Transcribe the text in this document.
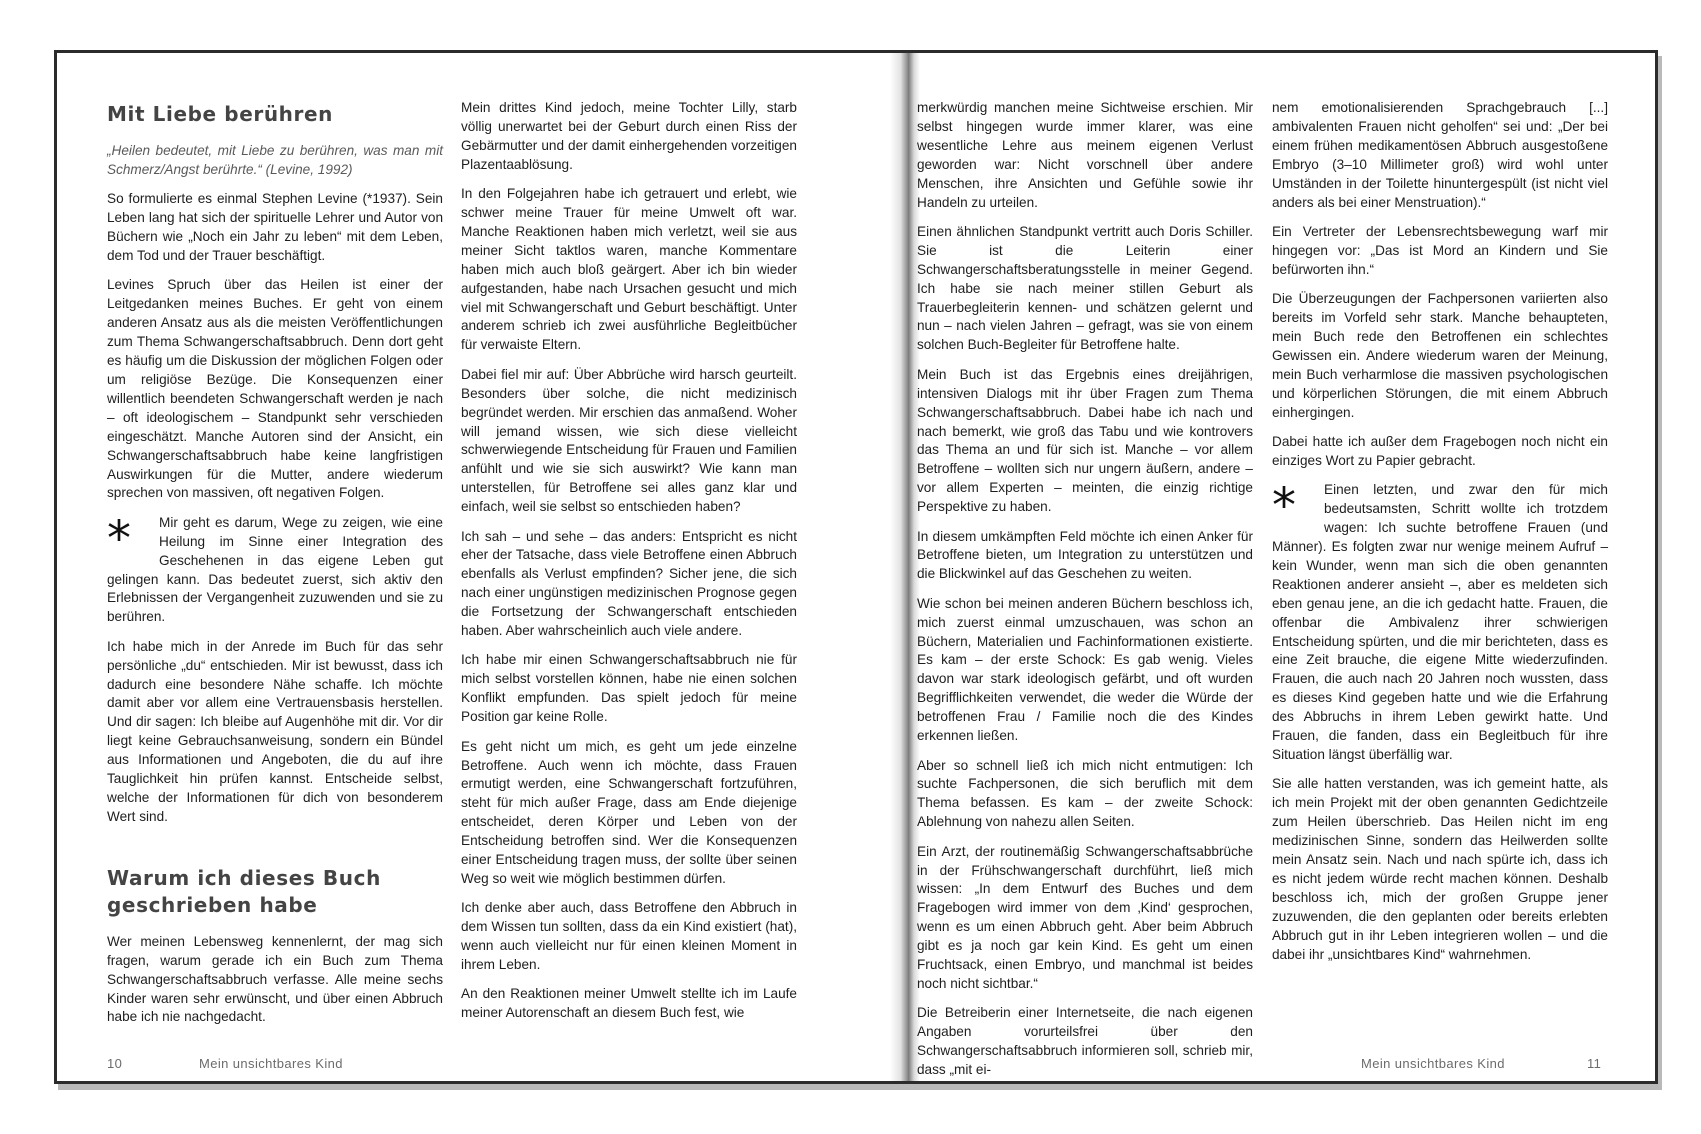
Mit Liebe berühren

„Heilen bedeutet, mit Liebe zu berühren, was man mit Schmerz/Angst berührte.“ (Levine, 1992)

So formulierte es einmal Stephen Levine (*1937). Sein Leben lang hat sich der spirituelle Lehrer und Autor von Büchern wie „Noch ein Jahr zu leben“ mit dem Leben, dem Tod und der Trauer beschäftigt.

Levines Spruch über das Heilen ist einer der Leitgedanken meines Buches. Er geht von einem anderen Ansatz aus als die meisten Veröffentlichungen zum Thema Schwangerschaftsabbruch. Denn dort geht es häufig um die Diskussion der möglichen Folgen oder um religiöse Bezüge. Die Konsequenzen einer willentlich beendeten Schwangerschaft werden je nach – oft ideologischem – Standpunkt sehr verschieden eingeschätzt. Manche Autoren sind der Ansicht, ein Schwangerschaftsabbruch habe keine langfristigen Auswirkungen für die Mutter, andere wiederum sprechen von massiven, oft negativen Folgen.

*	Mir geht es darum, Wege zu zeigen, wie eine Heilung im Sinne einer Integration des Geschehenen in das eigene Leben gut gelingen kann. Das bedeutet zuerst, sich aktiv den Erlebnissen der Vergangenheit zuzuwenden und sie zu berühren.

Ich habe mich in der Anrede im Buch für das sehr persönliche „du“ entschieden. Mir ist bewusst, dass ich dadurch eine besondere Nähe schaffe. Ich möchte damit aber vor allem eine Vertrauensbasis herstellen. Und dir sagen: Ich bleibe auf Augenhöhe mit dir. Vor dir liegt keine Gebrauchsanweisung, sondern ein Bündel aus Informationen und Angeboten, die du auf ihre Tauglichkeit hin prüfen kannst. Entscheide selbst, welche der Informationen für dich von besonderem Wert sind.

Warum ich dieses Buch geschrieben habe

Wer meinen Lebensweg kennenlernt, der mag sich fragen, warum gerade ich ein Buch zum Thema Schwangerschaftsabbruch verfasse. Alle meine sechs Kinder waren sehr erwünscht, und über einen Abbruch habe ich nie nachgedacht.

Mein drittes Kind jedoch, meine Tochter Lilly, starb völlig unerwartet bei der Geburt durch einen Riss der Gebärmutter und der damit einhergehenden vorzeitigen Plazentaablösung.

In den Folgejahren habe ich getrauert und erlebt, wie schwer meine Trauer für meine Umwelt oft war. Manche Reaktionen haben mich verletzt, weil sie aus meiner Sicht taktlos waren, manche Kommentare haben mich auch bloß geärgert. Aber ich bin wieder aufgestanden, habe nach Ursachen gesucht und mich viel mit Schwangerschaft und Geburt beschäftigt. Unter anderem schrieb ich zwei ausführliche Begleitbücher für verwaiste Eltern.

Dabei fiel mir auf: Über Abbrüche wird harsch geurteilt. Besonders über solche, die nicht medizinisch begründet werden. Mir erschien das anmaßend. Woher will jemand wissen, wie sich diese vielleicht schwerwiegende Entscheidung für Frauen und Familien anfühlt und wie sie sich auswirkt? Wie kann man unterstellen, für Betroffene sei alles ganz klar und einfach, weil sie selbst so entschieden haben?

Ich sah – und sehe – das anders: Entspricht es nicht eher der Tatsache, dass viele Betroffene einen Abbruch ebenfalls als Verlust empfinden? Sicher jene, die sich nach einer ungünstigen medizinischen Prognose gegen die Fortsetzung der Schwangerschaft entschieden haben. Aber wahrscheinlich auch viele andere.

Ich habe mir einen Schwangerschaftsabbruch nie für mich selbst vorstellen können, habe nie einen solchen Konflikt empfunden. Das spielt jedoch für meine Position gar keine Rolle.

Es geht nicht um mich, es geht um jede einzelne Betroffene. Auch wenn ich möchte, dass Frauen ermutigt werden, eine Schwangerschaft fortzuführen, steht für mich außer Frage, dass am Ende diejenige entscheidet, deren Körper und Leben von der Entscheidung betroffen sind. Wer die Konsequenzen einer Entscheidung tragen muss, der sollte über seinen Weg so weit wie möglich bestimmen dürfen.

Ich denke aber auch, dass Betroffene den Abbruch in dem Wissen tun sollten, dass da ein Kind existiert (hat), wenn auch vielleicht nur für einen kleinen Moment in ihrem Leben.

An den Reaktionen meiner Umwelt stellte ich im Laufe meiner Autorenschaft an diesem Buch fest, wie

merkwürdig manchen meine Sichtweise erschien. Mir selbst hingegen wurde immer klarer, was eine wesentliche Lehre aus meinem eigenen Verlust geworden war: Nicht vorschnell über andere Menschen, ihre Ansichten und Gefühle sowie ihr Handeln zu urteilen.

Einen ähnlichen Standpunkt vertritt auch Doris Schiller. Sie ist die Leiterin einer Schwangerschaftsberatungsstelle in meiner Gegend. Ich habe sie nach meiner stillen Geburt als Trauerbegleiterin kennen- und schätzen gelernt und nun – nach vielen Jahren – gefragt, was sie von einem solchen Buch-Begleiter für Betroffene halte.

Mein Buch ist das Ergebnis eines dreijährigen, intensiven Dialogs mit ihr über Fragen zum Thema Schwangerschaftsabbruch. Dabei habe ich nach und nach bemerkt, wie groß das Tabu und wie kontrovers das Thema an und für sich ist. Manche – vor allem Betroffene – wollten sich nur ungern äußern, andere – vor allem Experten – meinten, die einzig richtige Perspektive zu haben.

In diesem umkämpften Feld möchte ich einen Anker für Betroffene bieten, um Integration zu unterstützen und die Blickwinkel auf das Geschehen zu weiten.

Wie schon bei meinen anderen Büchern beschloss ich, mich zuerst einmal umzuschauen, was schon an Büchern, Materialien und Fachinformationen existierte. Es kam – der erste Schock: Es gab wenig. Vieles davon war stark ideologisch gefärbt, und oft wurden Begrifflichkeiten verwendet, die weder die Würde der betroffenen Frau / Familie noch die des Kindes erkennen ließen.

Aber so schnell ließ ich mich nicht entmutigen: Ich suchte Fachpersonen, die sich beruflich mit dem Thema befassen. Es kam – der zweite Schock: Ablehnung von nahezu allen Seiten.

Ein Arzt, der routinemäßig Schwangerschaftsabbrüche in der Frühschwangerschaft durchführt, ließ mich wissen: „In dem Entwurf des Buches und dem Fragebogen wird immer von dem ‚Kind‘ gesprochen, wenn es um einen Abbruch geht. Aber beim Abbruch gibt es ja noch gar kein Kind. Es geht um einen Fruchtsack, einen Embryo, und manchmal ist beides noch nicht sichtbar.“

Die Betreiberin einer Internetseite, die nach eigenen Angaben vorurteilsfrei über den Schwangerschaftsabbruch informieren soll, schrieb mir, dass „mit ei-

nem emotionalisierenden Sprachgebrauch [...] ambivalenten Frauen nicht geholfen“ sei und: „Der bei einem frühen medikamentösen Abbruch ausgestoßene Embryo (3–10 Millimeter groß) wird wohl unter Umständen in der Toilette hinuntergespült (ist nicht viel anders als bei einer Menstruation).“

Ein Vertreter der Lebensrechtsbewegung warf mir hingegen vor: „Das ist Mord an Kindern und Sie befürworten ihn.“

Die Überzeugungen der Fachpersonen variierten also bereits im Vorfeld sehr stark. Manche behaupteten, mein Buch rede den Betroffenen ein schlechtes Gewissen ein. Andere wiederum waren der Meinung, mein Buch verharmlose die massiven psychologischen und körperlichen Störungen, die mit einem Abbruch einhergingen.

Dabei hatte ich außer dem Fragebogen noch nicht ein einziges Wort zu Papier gebracht.

*	Einen letzten, und zwar den für mich bedeutsamsten, Schritt wollte ich trotzdem wagen: Ich suchte betroffene Frauen (und Männer). Es folgten zwar nur wenige meinem Aufruf – kein Wunder, wenn man sich die oben genannten Reaktionen anderer ansieht –, aber es meldeten sich eben genau jene, an die ich gedacht hatte. Frauen, die offenbar die Ambivalenz ihrer schwierigen Entscheidung spürten, und die mir berichteten, dass es eine Zeit brauche, die eigene Mitte wiederzufinden. Frauen, die auch nach 20 Jahren noch wussten, dass es dieses Kind gegeben hatte und wie die Erfahrung des Abbruchs in ihrem Leben gewirkt hatte. Und Frauen, die fanden, dass ein Begleitbuch für ihre Situation längst überfällig war.

Sie alle hatten verstanden, was ich gemeint hatte, als ich mein Projekt mit der oben genannten Gedichtzeile zum Heilen überschrieb. Das Heilen nicht im eng medizinischen Sinne, sondern das Heilwerden sollte mein Ansatz sein. Nach und nach spürte ich, dass ich es nicht jedem würde recht machen können. Deshalb beschloss ich, mich der großen Gruppe jener zuzuwenden, die den geplanten oder bereits erlebten Abbruch gut in ihr Leben integrieren wollen – und die dabei ihr „unsichtbares Kind“ wahrnehmen.

10	Mein unsichtbares Kind	Mein unsichtbares Kind	11
